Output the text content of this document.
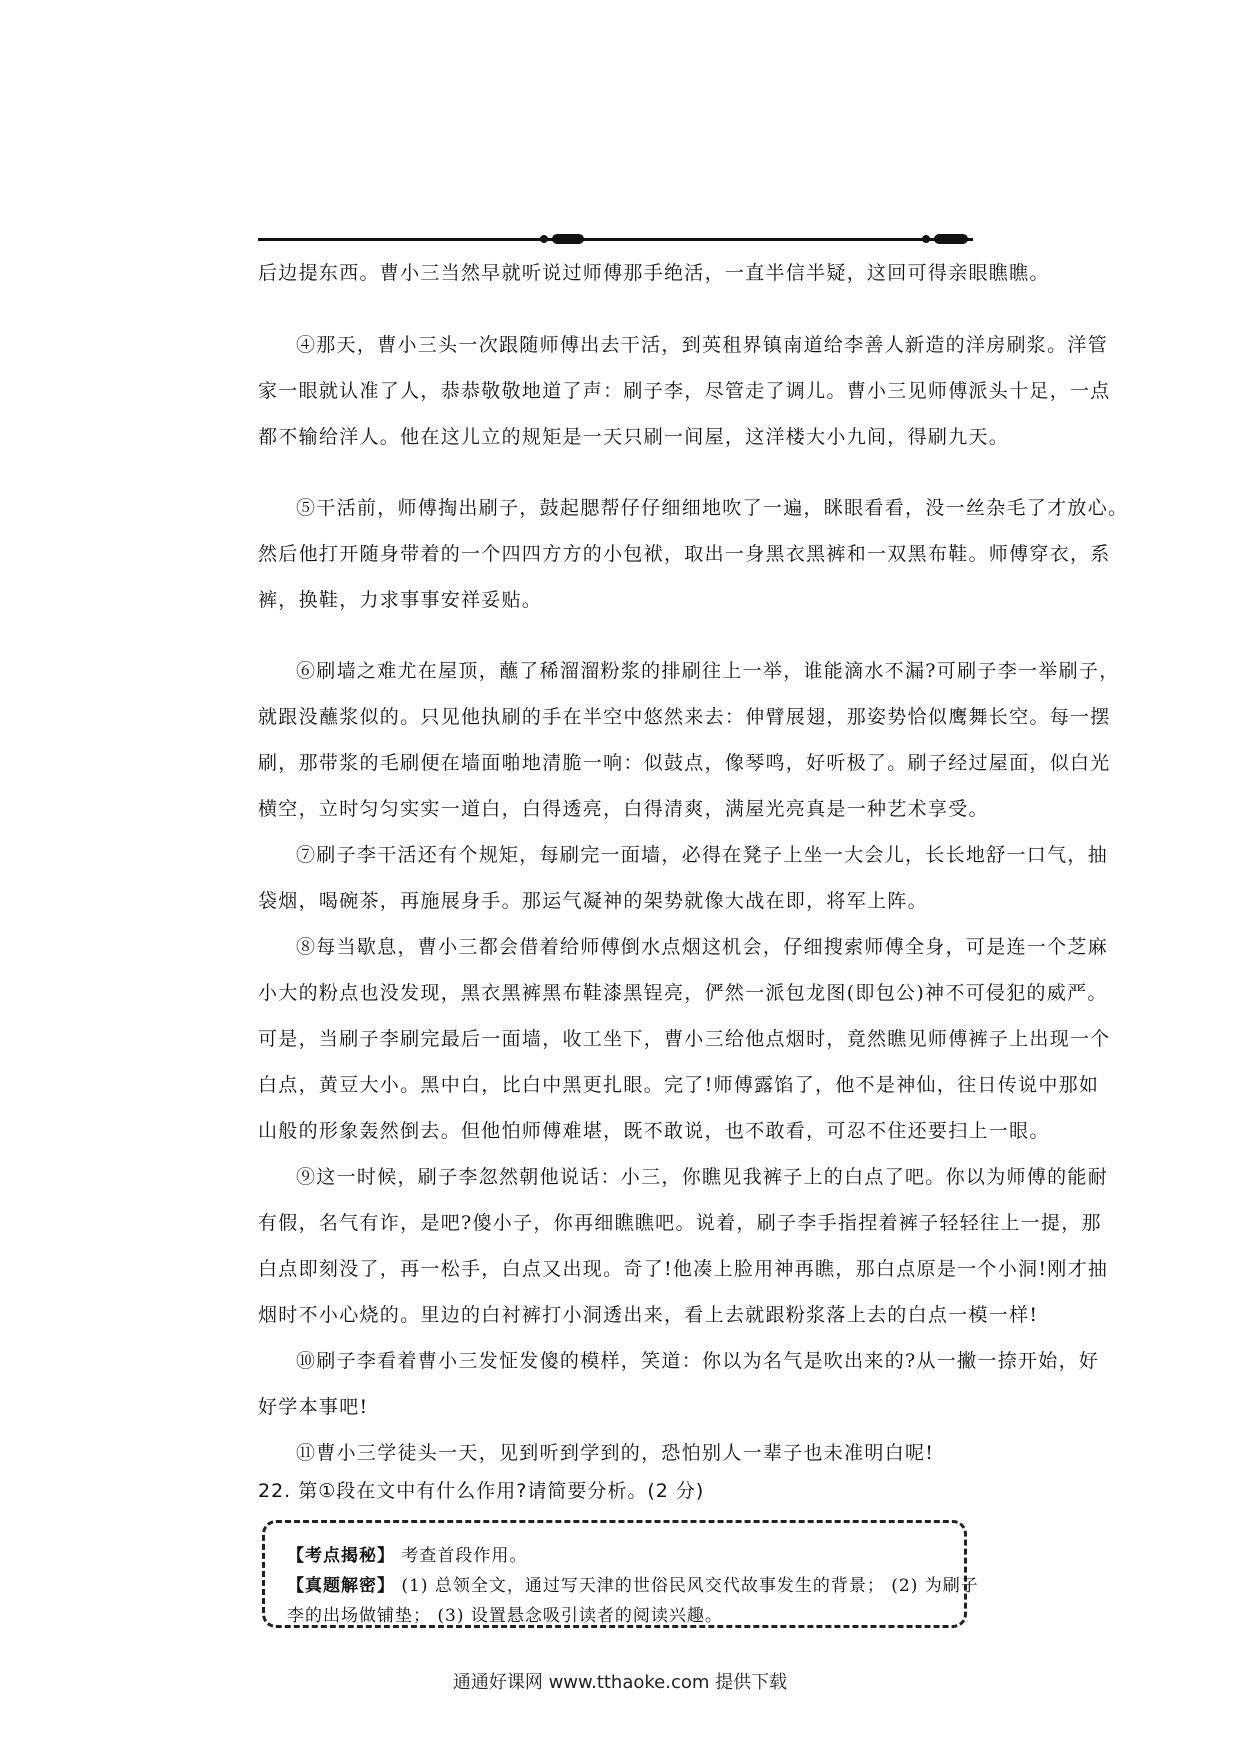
后边提东西。曹小三当然早就听说过师傅那手绝活，一直半信半疑，这回可得亲眼瞧瞧。
④那天，曹小三头一次跟随师傅出去干活，到英租界镇南道给李善人新造的洋房刷浆。洋管
家一眼就认准了人，恭恭敬敬地道了声：刷子李，尽管走了调儿。曹小三见师傅派头十足，一点
都不输给洋人。他在这儿立的规矩是一天只刷一间屋，这洋楼大小九间，得刷九天。
⑤干活前，师傅掏出刷子，鼓起腮帮仔仔细细地吹了一遍，眯眼看看，没一丝杂毛了才放心。
然后他打开随身带着的一个四四方方的小包袱，取出一身黑衣黑裤和一双黑布鞋。师傅穿衣，系
裤，换鞋，力求事事安祥妥贴。
⑥刷墙之难尤在屋顶，蘸了稀溜溜粉浆的排刷往上一举，谁能滴水不漏?可刷子李一举刷子，
就跟没蘸浆似的。只见他执刷的手在半空中悠然来去：伸臂展翅，那姿势恰似鹰舞长空。每一摆
刷，那带浆的毛刷便在墙面啪地清脆一响：似鼓点，像琴鸣，好听极了。刷子经过屋面，似白光
横空，立时匀匀实实一道白，白得透亮，白得清爽，满屋光亮真是一种艺术享受。
⑦刷子李干活还有个规矩，每刷完一面墙，必得在凳子上坐一大会儿，长长地舒一口气，抽
袋烟，喝碗茶，再施展身手。那运气凝神的架势就像大战在即，将军上阵。
⑧每当歇息，曹小三都会借着给师傅倒水点烟这机会，仔细搜索师傅全身，可是连一个芝麻
小大的粉点也没发现，黑衣黑裤黑布鞋漆黑锃亮，俨然一派包龙图(即包公)神不可侵犯的威严。
可是，当刷子李刷完最后一面墙，收工坐下，曹小三给他点烟时，竟然瞧见师傅裤子上出现一个
白点，黄豆大小。黑中白，比白中黑更扎眼。完了!师傅露馅了，他不是神仙，往日传说中那如
山般的形象轰然倒去。但他怕师傅难堪，既不敢说，也不敢看，可忍不住还要扫上一眼。
⑨这一时候，刷子李忽然朝他说话：小三，你瞧见我裤子上的白点了吧。你以为师傅的能耐
有假，名气有诈，是吧?傻小子，你再细瞧瞧吧。说着，刷子李手指捏着裤子轻轻往上一提，那
白点即刻没了，再一松手，白点又出现。奇了!他凑上脸用神再瞧，那白点原是一个小洞!刚才抽
烟时不小心烧的。里边的白衬裤打小洞透出来，看上去就跟粉浆落上去的白点一模一样!
⑩刷子李看着曹小三发怔发傻的模样，笑道：你以为名气是吹出来的?从一撇一捺开始，好
好学本事吧!
⑪曹小三学徒头一天，见到听到学到的，恐怕别人一辈子也未准明白呢!
22. 第①段在文中有什么作用?请简要分析。(2 分)
【考点揭秘】 考查首段作用。
【真题解密】 (1) 总领全文，通过写天津的世俗民风交代故事发生的背景； (2) 为刷子
李的出场做铺垫； (3) 设置悬念吸引读者的阅读兴趣。
通通好课网 www.tthaoke.com 提供下载
